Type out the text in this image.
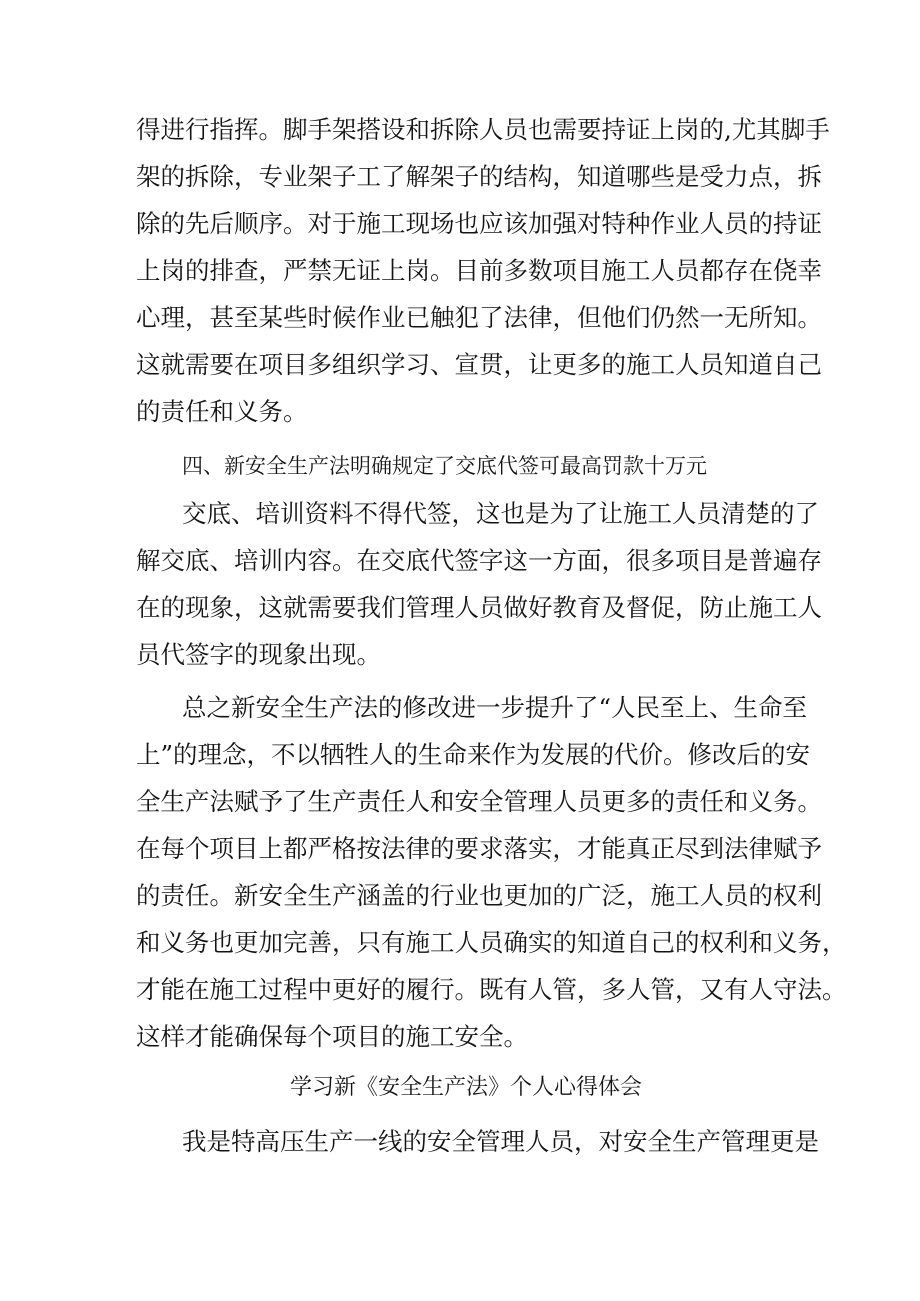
得进行指挥。脚手架搭设和拆除人员也需要持证上岗的,尤其脚手
架的拆除，专业架子工了解架子的结构，知道哪些是受力点，拆
除的先后顺序。对于施工现场也应该加强对特种作业人员的持证
上岗的排查，严禁无证上岗。目前多数项目施工人员都存在侥幸
心理，甚至某些时候作业已触犯了法律，但他们仍然一无所知。
这就需要在项目多组织学习、宣贯，让更多的施工人员知道自己
的责任和义务。
四、新安全生产法明确规定了交底代签可最高罚款十万元
交底、培训资料不得代签，这也是为了让施工人员清楚的了
解交底、培训内容。在交底代签字这一方面，很多项目是普遍存
在的现象，这就需要我们管理人员做好教育及督促，防止施工人
员代签字的现象出现。
总之新安全生产法的修改进一步提升了“人民至上、生命至
上”的理念，不以牺牲人的生命来作为发展的代价。修改后的安
全生产法赋予了生产责任人和安全管理人员更多的责任和义务。
在每个项目上都严格按法律的要求落实，才能真正尽到法律赋予
的责任。新安全生产涵盖的行业也更加的广泛，施工人员的权利
和义务也更加完善，只有施工人员确实的知道自己的权利和义务，
才能在施工过程中更好的履行。既有人管，多人管，又有人守法。
这样才能确保每个项目的施工安全。
学习新《安全生产法》个人心得体会
我是特高压生产一线的安全管理人员，对安全生产管理更是
